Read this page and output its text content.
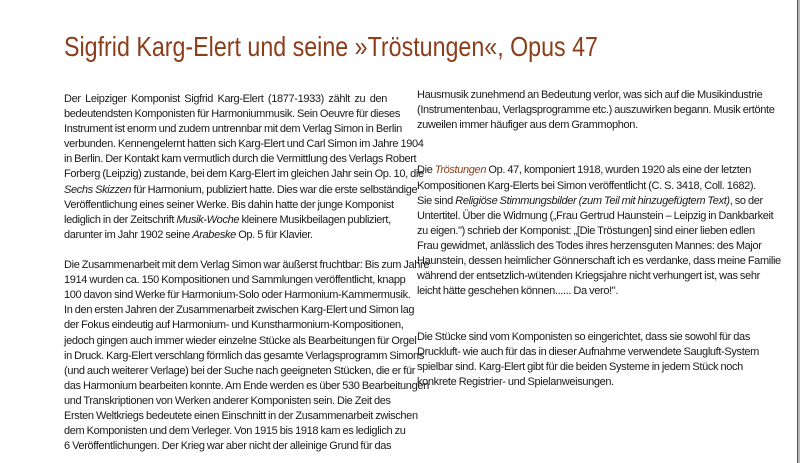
Sigfrid Karg-Elert und seine »Tröstungen«, Opus 47
Der Leipziger Komponist Sigfrid Karg-Elert (1877-1933) zählt zu den
bedeutendsten Komponisten für Harmoniummusik. Sein Oeuvre für dieses
Instrument ist enorm und zudem untrennbar mit dem Verlag Simon in Berlin
verbunden. Kennengelernt hatten sich Karg-Elert und Carl Simon im Jahre 1904
in Berlin. Der Kontakt kam vermutlich durch die Vermittlung des Verlags Robert
Forberg (Leipzig) zustande, bei dem Karg-Elert im gleichen Jahr sein Op. 10, die
Sechs Skizzen für Harmonium, publiziert hatte. Dies war die erste selbständige
Veröffentlichung eines seiner Werke. Bis dahin hatte der junge Komponist
lediglich in der Zeitschrift Musik-Woche kleinere Musikbeilagen publiziert,
darunter im Jahr 1902 seine Arabeske Op. 5 für Klavier.
Die Zusammenarbeit mit dem Verlag Simon war äußerst fruchtbar: Bis zum Jahre
1914 wurden ca. 150 Kompositionen und Sammlungen veröffentlicht, knapp
100 davon sind Werke für Harmonium-Solo oder Harmonium-Kammermusik.
In den ersten Jahren der Zusammenarbeit zwischen Karg-Elert und Simon lag
der Fokus eindeutig auf Harmonium- und Kunstharmonium-Kompositionen,
jedoch gingen auch immer wieder einzelne Stücke als Bearbeitungen für Orgel
in Druck. Karg-Elert verschlang förmlich das gesamte Verlagsprogramm Simons
(und auch weiterer Verlage) bei der Suche nach geeigneten Stücken, die er für
das Harmonium bearbeiten konnte. Am Ende werden es über 530 Bearbeitungen
und Transkriptionen von Werken anderer Komponisten sein. Die Zeit des
Ersten Weltkriegs bedeutete einen Einschnitt in der Zusammenarbeit zwischen
dem Komponisten und dem Verleger. Von 1915 bis 1918 kam es lediglich zu
6 Veröffentlichungen. Der Krieg war aber nicht der alleinige Grund für das
Hausmusik zunehmend an Bedeutung verlor, was sich auf die Musikindustrie
(Instrumentenbau, Verlagsprogramme etc.) auszuwirken begann. Musik ertönte
zuweilen immer häufiger aus dem Grammophon.
Die Tröstungen Op. 47, komponiert 1918, wurden 1920 als eine der letzten
Kompositionen Karg-Elerts bei Simon veröffentlicht (C. S. 3418, Coll. 1682).
Sie sind Religiöse Stimmungsbilder (zum Teil mit hinzugefügtem Text), so der
Untertitel. Über die Widmung („Frau Gertrud Haunstein – Leipzig in Dankbarkeit
zu eigen.") schrieb der Komponist: „[Die Tröstungen] sind einer lieben edlen
Frau gewidmet, anlässlich des Todes ihres herzensguten Mannes: des Major
Haunstein, dessen heimlicher Gönnerschaft ich es verdanke, dass meine Familie
während der entsetzlich-wütenden Kriegsjahre nicht verhungert ist, was sehr
leicht hätte geschehen können...... Da vero!".
Die Stücke sind vom Komponisten so eingerichtet, dass sie sowohl für das
Druckluft- wie auch für das in dieser Aufnahme verwendete Saugluft-System
spielbar sind. Karg-Elert gibt für die beiden Systeme in jedem Stück noch
konkrete Registrier- und Spielanweisungen.
